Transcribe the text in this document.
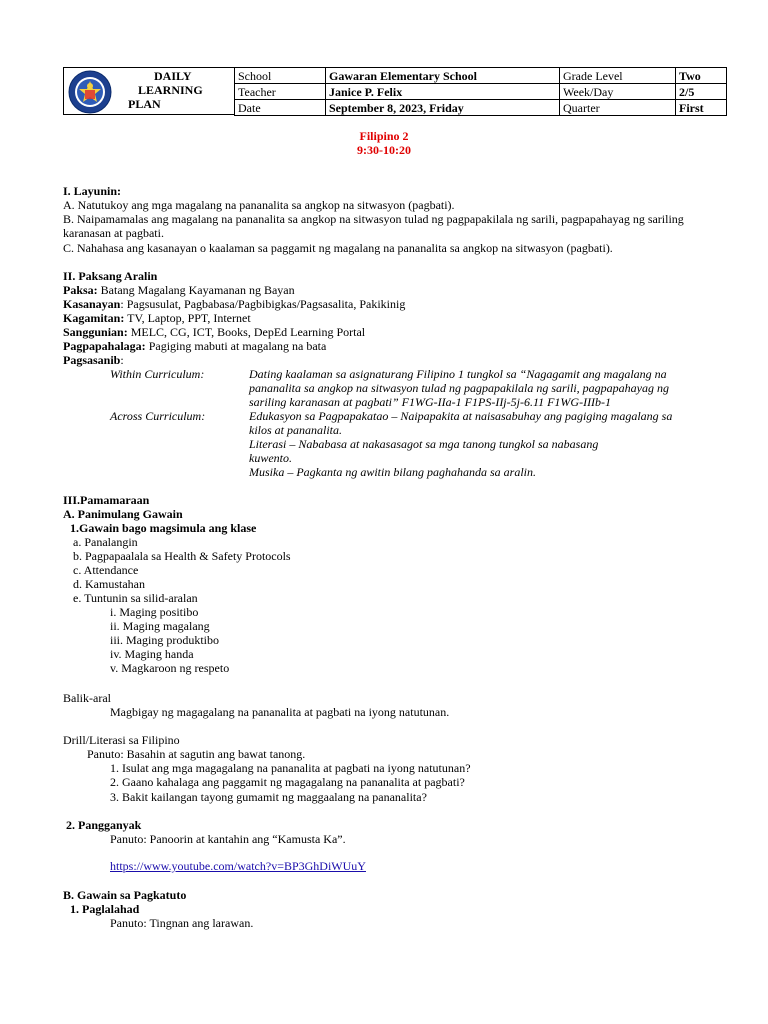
DAILY
LEARNING
PLAN
School	Gawaran Elementary School	Grade Level	Two
Teacher	Janice P. Felix	Week/Day	2/5
Date	September 8, 2023, Friday	Quarter	First
Filipino 2
9:30-10:20
I. Layunin:
A. Natutukoy ang mga magalang na pananalita sa angkop na sitwasyon (pagbati).
B. Naipamamalas ang magalang na pananalita sa angkop na sitwasyon tulad ng pagpapakilala ng sarili, pagpapahayag ng sariling
karanasan at pagbati.
C. Nahahasa ang kasanayan o kaalaman sa paggamit ng magalang na pananalita sa angkop na sitwasyon (pagbati).
II. Paksang Aralin
Paksa: Batang Magalang Kayamanan ng Bayan
Kasanayan: Pagsusulat, Pagbabasa/Pagbibigkas/Pagsasalita, Pakikinig
Kagamitan: TV, Laptop, PPT, Internet
Sanggunian: MELC, CG, ICT, Books, DepEd Learning Portal
Pagpapahalaga: Pagiging mabuti at magalang na bata
Pagsasanib:
Within Curriculum:	Dating kaalaman sa asignaturang Filipino 1 tungkol sa “Nagagamit ang magalang na
pananalita sa angkop na sitwasyon tulad ng pagpapakilala ng sarili, pagpapahayag ng
sariling karanasan at pagbati” F1WG-IIa-1 F1PS-IIj-5j-6.11 F1WG-IIIb-1
Across Curriculum:	Edukasyon sa Pagpapakatao – Naipapakita at naisasabuhay ang pagiging magalang sa
kilos at pananalita.
Literasi – Nababasa at nakasasagot sa mga tanong tungkol sa nabasang
kuwento.
Musika – Pagkanta ng awitin bilang paghahanda sa aralin.
III.Pamamaraan
A. Panimulang Gawain
1.Gawain bago magsimula ang klase
a. Panalangin
b. Pagpapaalala sa Health & Safety Protocols
c. Attendance
d. Kamustahan
e. Tuntunin sa silid-aralan
i. Maging positibo
ii. Maging magalang
iii. Maging produktibo
iv. Maging handa
v. Magkaroon ng respeto
Balik-aral
Magbigay ng magagalang na pananalita at pagbati na iyong natutunan.
Drill/Literasi sa Filipino
Panuto: Basahin at sagutin ang bawat tanong.
1. Isulat ang mga magagalang na pananalita at pagbati na iyong natutunan?
2. Gaano kahalaga ang paggamit ng magagalang na pananalita at pagbati?
3. Bakit kailangan tayong gumamit ng maggaalang na pananalita?
2. Pangganyak
Panuto: Panoorin at kantahin ang “Kamusta Ka”.
https://www.youtube.com/watch?v=BP3GhDiWUuY
B. Gawain sa Pagkatuto
1. Paglalahad
Panuto: Tingnan ang larawan.
